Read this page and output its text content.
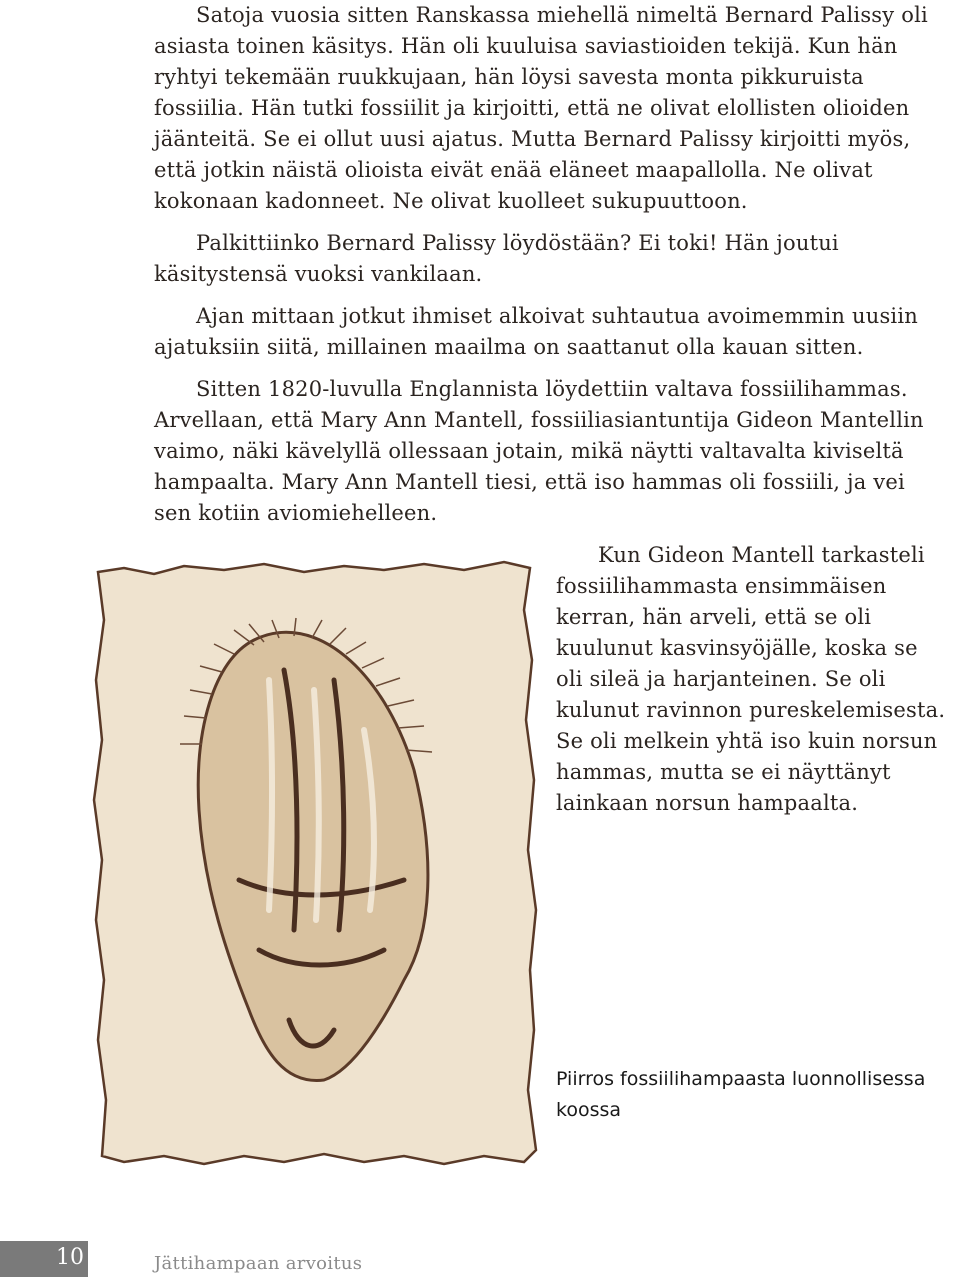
Satoja vuosia sitten Ranskassa miehellä nimeltä Bernard Palissy oli asiasta toinen käsitys. Hän oli kuuluisa saviastioiden tekijä. Kun hän ryhtyi tekemään ruukkujaan, hän löysi savesta monta pikkuruista fossiilia. Hän tutki fossiilit ja kirjoitti, että ne olivat elollisten olioiden jäänteitä. Se ei ollut uusi ajatus. Mutta Bernard Palissy kirjoitti myös, että jotkin näistä olioista eivät enää eläneet maapallolla. Ne olivat kokonaan kadonneet. Ne olivat kuolleet sukupuuttoon.

Palkittiinko Bernard Palissy löydöstään? Ei toki! Hän joutui käsitystensä vuoksi vankilaan.

Ajan mittaan jotkut ihmiset alkoivat suhtautua avoimemmin uusiin ajatuksiin siitä, millainen maailma on saattanut olla kauan sitten.

Sitten 1820-luvulla Englannista löydettiin valtava fossiilihammas. Arvellaan, että Mary Ann Mantell, fossiiliasiantuntija Gideon Mantellin vaimo, näki kävelyllä ollessaan jotain, mikä näytti valtavalta kiviseltä hampaalta. Mary Ann Mantell tiesi, että iso hammas oli fossiili, ja vei sen kotiin aviomiehelleen.

Kun Gideon Mantell tarkasteli fossiilihammasta ensimmäisen kerran, hän arveli, että se oli kuulunut kasvinsyöjälle, koska se oli sileä ja harjanteinen. Se oli kulunut ravinnon pureskelemisesta. Se oli melkein yhtä iso kuin norsun hammas, mutta se ei näyttänyt lainkaan norsun hampaalta.

Piirros fossiilihampaasta luonnollisessa koossa
10	Jättihampaan arvoitus
